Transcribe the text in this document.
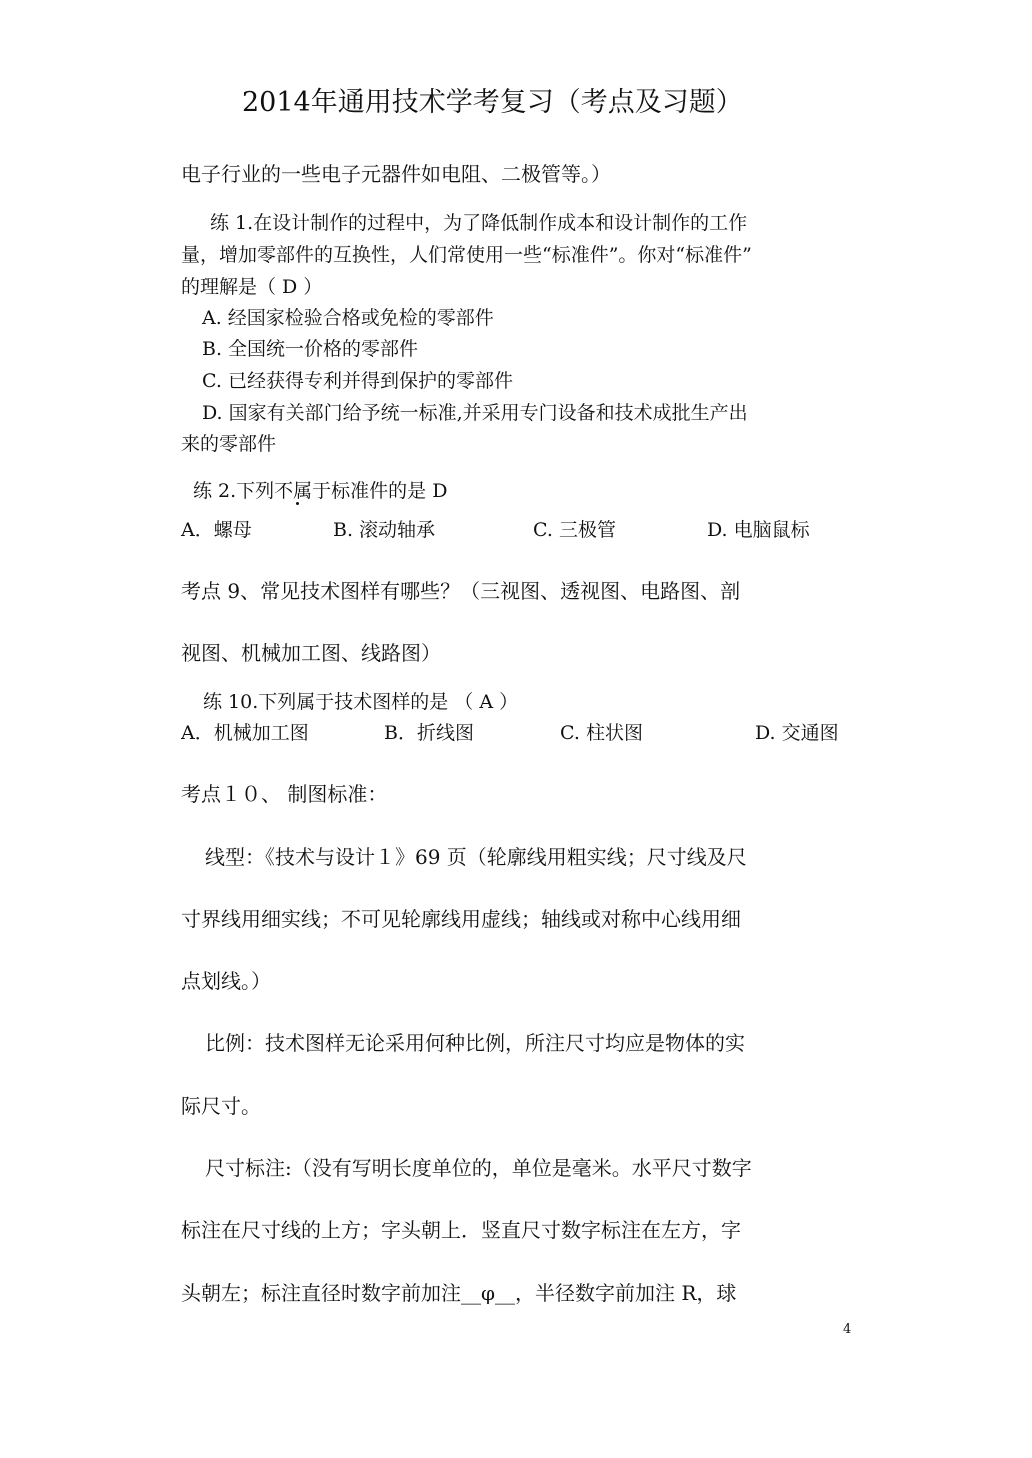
2014年通用技术学考复习（考点及习题）
电子行业的一些电子元器件如电阻、二极管等。）
练 1.在设计制作的过程中，为了降低制作成本和设计制作的工作
量，增加零部件的互换性，人们常使用一些“标准件”。你对“标准件”
的理解是（ D ）
A. 经国家检验合格或免检的零部件
B. 全国统一价格的零部件
C. 已经获得专利并得到保护的零部件
D. 国家有关部门给予统一标准,并采用专门设备和技术成批生产出
来的零部件
练 2.下列不属于标准件的是 D
A．螺母	B. 滚动轴承	C. 三极管	D. 电脑鼠标
考点 9、常见技术图样有哪些？（三视图、透视图、电路图、剖
视图、机械加工图、线路图）
练 10.下列属于技术图样的是 （ A ）
A．机械加工图	B．折线图	C. 柱状图	D. 交通图
考点１０、 制图标准：
线型：《技术与设计１》69 页（轮廓线用粗实线；尺寸线及尺
寸界线用细实线；不可见轮廓线用虚线；轴线或对称中心线用细
点划线。）
比例：技术图样无论采用何种比例，所注尺寸均应是物体的实
际尺寸。
尺寸标注:（没有写明长度单位的，单位是毫米。水平尺寸数字
标注在尺寸线的上方；字头朝上．竖直尺寸数字标注在左方，字
头朝左；标注直径时数字前加注__φ__，半径数字前加注 R，球
4
